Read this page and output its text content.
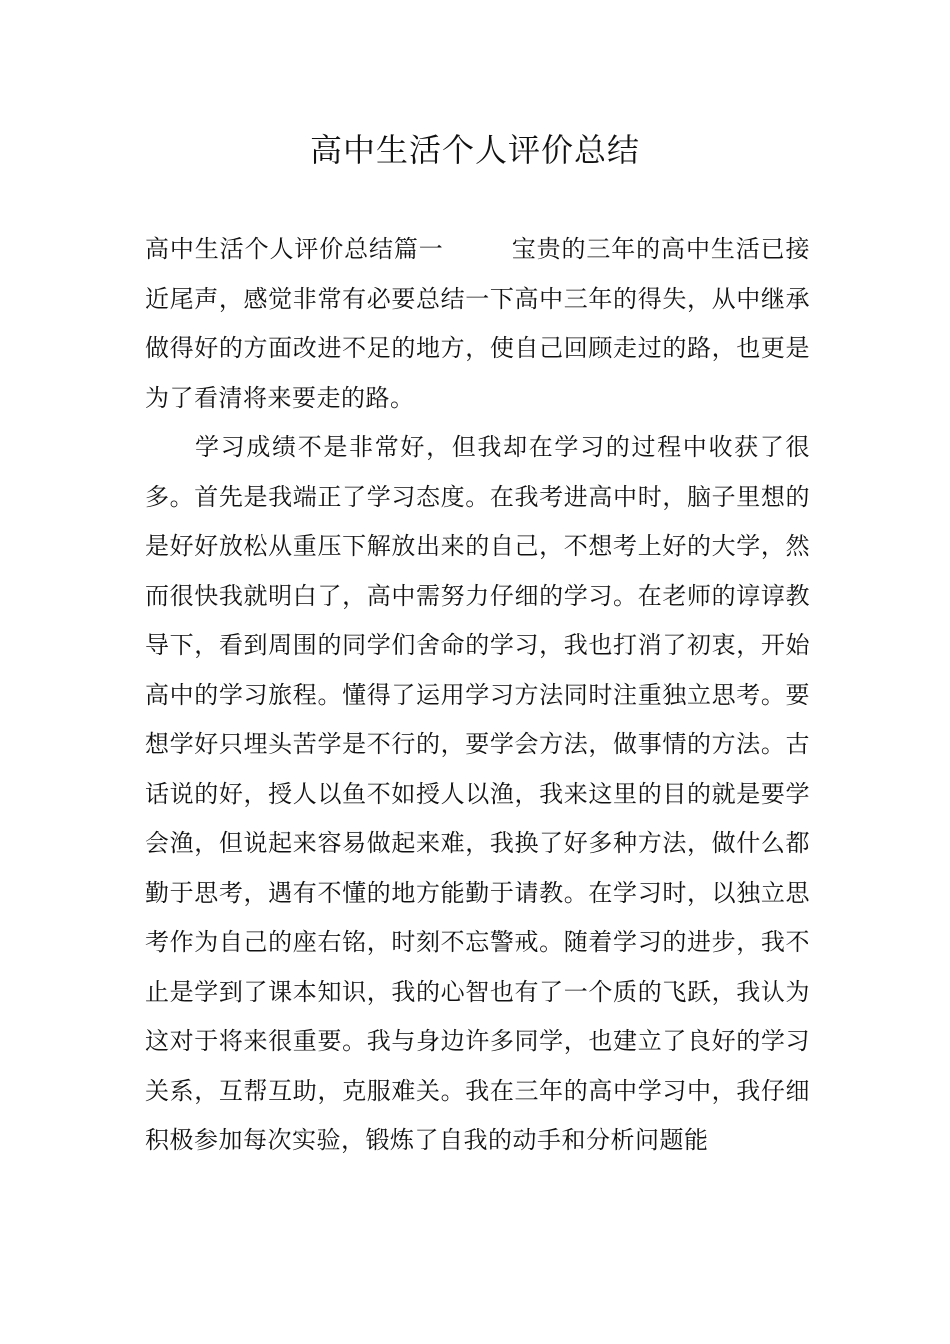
高中生活个人评价总结

高中生活个人评价总结篇一	宝贵的三年的高中生活已接近尾声，感觉非常有必要总结一下高中三年的得失，从中继承做得好的方面改进不足的地方，使自己回顾走过的路，也更是为了看清将来要走的路。

学习成绩不是非常好，但我却在学习的过程中收获了很多。首先是我端正了学习态度。在我考进高中时，脑子里想的是好好放松从重压下解放出来的自己，不想考上好的大学，然而很快我就明白了，高中需努力仔细的学习。在老师的谆谆教导下，看到周围的同学们舍命的学习，我也打消了初衷，开始高中的学习旅程。懂得了运用学习方法同时注重独立思考。要想学好只埋头苦学是不行的，要学会方法，做事情的方法。古话说的好，授人以鱼不如授人以渔，我来这里的目的就是要学会渔，但说起来容易做起来难，我换了好多种方法，做什么都勤于思考，遇有不懂的地方能勤于请教。在学习时，以独立思考作为自己的座右铭，时刻不忘警戒。随着学习的进步，我不止是学到了课本知识，我的心智也有了一个质的飞跃，我认为这对于将来很重要。我与身边许多同学，也建立了良好的学习关系，互帮互助，克服难关。我在三年的高中学习中，我仔细积极参加每次实验，锻炼了自我的动手和分析问题能
